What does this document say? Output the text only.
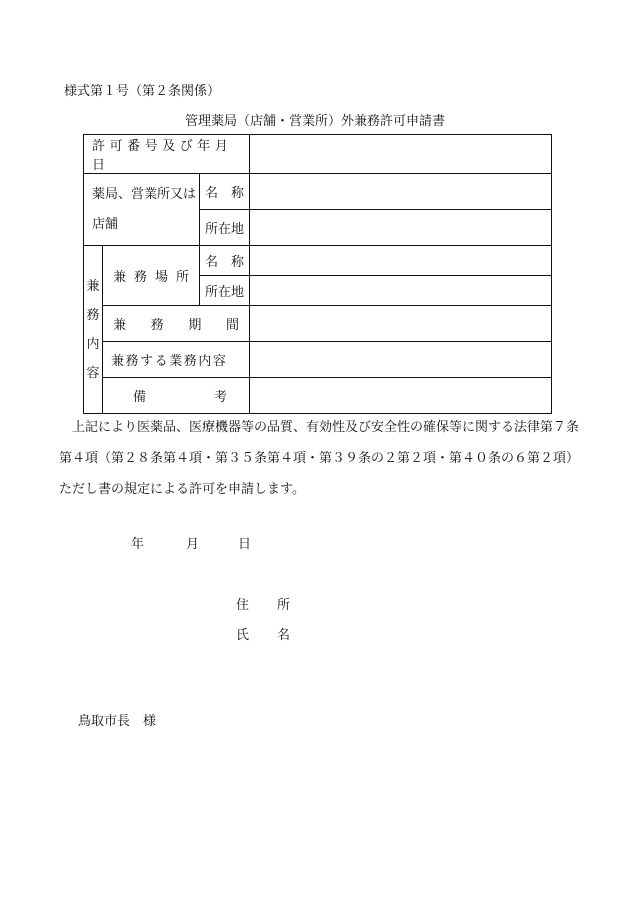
様式第１号（第２条関係）
管理薬局（店舗・営業所）外兼務許可申請書
許可番号及び年月日			
薬局、営業所又は店舗		名　称	
		所在地	

兼
務
内
容	兼 務 場 所	名　称	
		所在地	

	兼 務 期 間		

	兼務する業務内容		

	備 考		

上記により医薬品、医療機器等の品質、有効性及び安全性の確保等に関する法律第７条第４項（第２８条第４項・第３５条第４項・第３９条の２第２項・第４０条の６第２項）ただし書の規定による許可を申請します。

年	月	日
住 所
氏 名
鳥取市長　様
